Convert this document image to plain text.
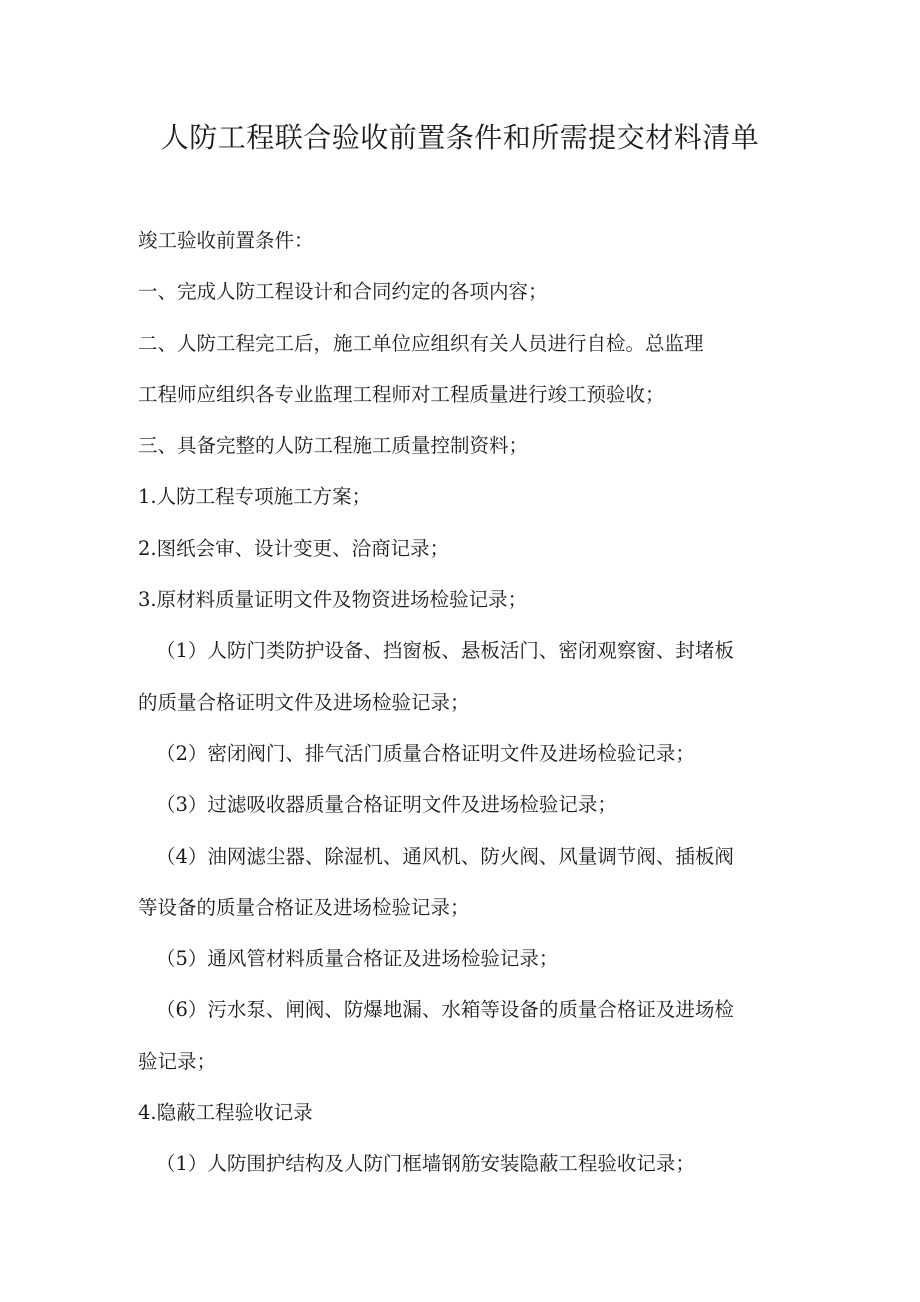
人防工程联合验收前置条件和所需提交材料清单
竣工验收前置条件：
一、完成人防工程设计和合同约定的各项内容；
二、人防工程完工后，施工单位应组织有关人员进行自检。总监理
工程师应组织各专业监理工程师对工程质量进行竣工预验收；
三、具备完整的人防工程施工质量控制资料；
1.人防工程专项施工方案；
2.图纸会审、设计变更、洽商记录；
3.原材料质量证明文件及物资进场检验记录；
（1）人防门类防护设备、挡窗板、悬板活门、密闭观察窗、封堵板
的质量合格证明文件及进场检验记录；
（2）密闭阀门、排气活门质量合格证明文件及进场检验记录；
（3）过滤吸收器质量合格证明文件及进场检验记录；
（4）油网滤尘器、除湿机、通风机、防火阀、风量调节阀、插板阀
等设备的质量合格证及进场检验记录；
（5）通风管材料质量合格证及进场检验记录；
（6）污水泵、闸阀、防爆地漏、水箱等设备的质量合格证及进场检
验记录；
4.隐蔽工程验收记录
（1）人防围护结构及人防门框墙钢筋安装隐蔽工程验收记录；
